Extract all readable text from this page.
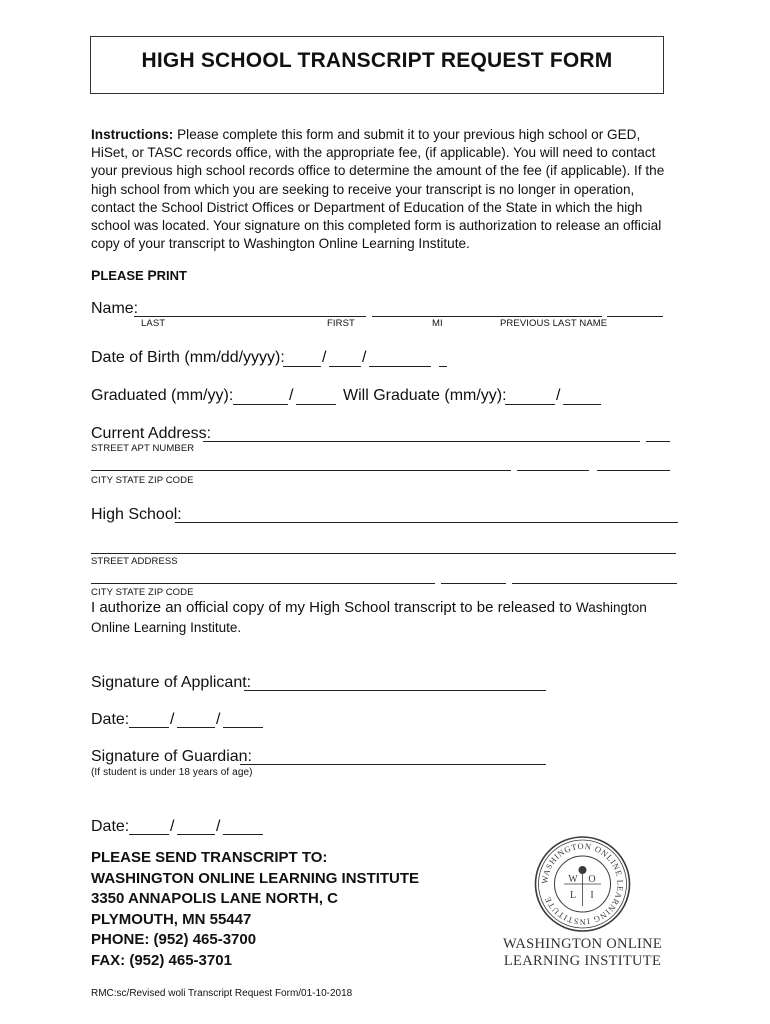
HIGH SCHOOL TRANSCRIPT REQUEST FORM
Instructions: Please complete this form and submit it to your previous high school or GED, HiSet, or TASC records office, with the appropriate fee, (if applicable). You will need to contact your previous high school records office to determine the amount of the fee (if applicable). If the high school from which you are seeking to receive your transcript is no longer in operation, contact the School District Offices or Department of Education of the State in which the high school was located. Your signature on this completed form is authorization to release an official copy of your transcript to Washington Online Learning Institute.
PLEASE PRINT
Name:
LAST	FIRST	MI	PREVIOUS LAST NAME
Date of Birth (mm/dd/yyyy): / /
Graduated (mm/yy):	/	Will Graduate (mm/yy):	/
Current Address:
STREET APT NUMBER
CITY STATE ZIP CODE
High School:
STREET ADDRESS
CITY STATE ZIP CODE
I authorize an official copy of my High School transcript to be released to Washington
Online Learning Institute.
Signature of Applicant:
Date:	/	/
Signature of Guardian:
(If student is under 18 years of age)
Date:	/	/
PLEASE SEND TRANSCRIPT TO:
WASHINGTON ONLINE LEARNING INSTITUTE
3350 ANNAPOLIS LANE NORTH, C
PLYMOUTH, MN 55447
PHONE: (952) 465-3700
FAX: (952) 465-3701
WASHINGTON ONLINE LEARNING INSTITUTE
W O
L I
WASHINGTON ONLINE
LEARNING INSTITUTE
RMC:sc/Revised woli Transcript Request Form/01-10-2018
